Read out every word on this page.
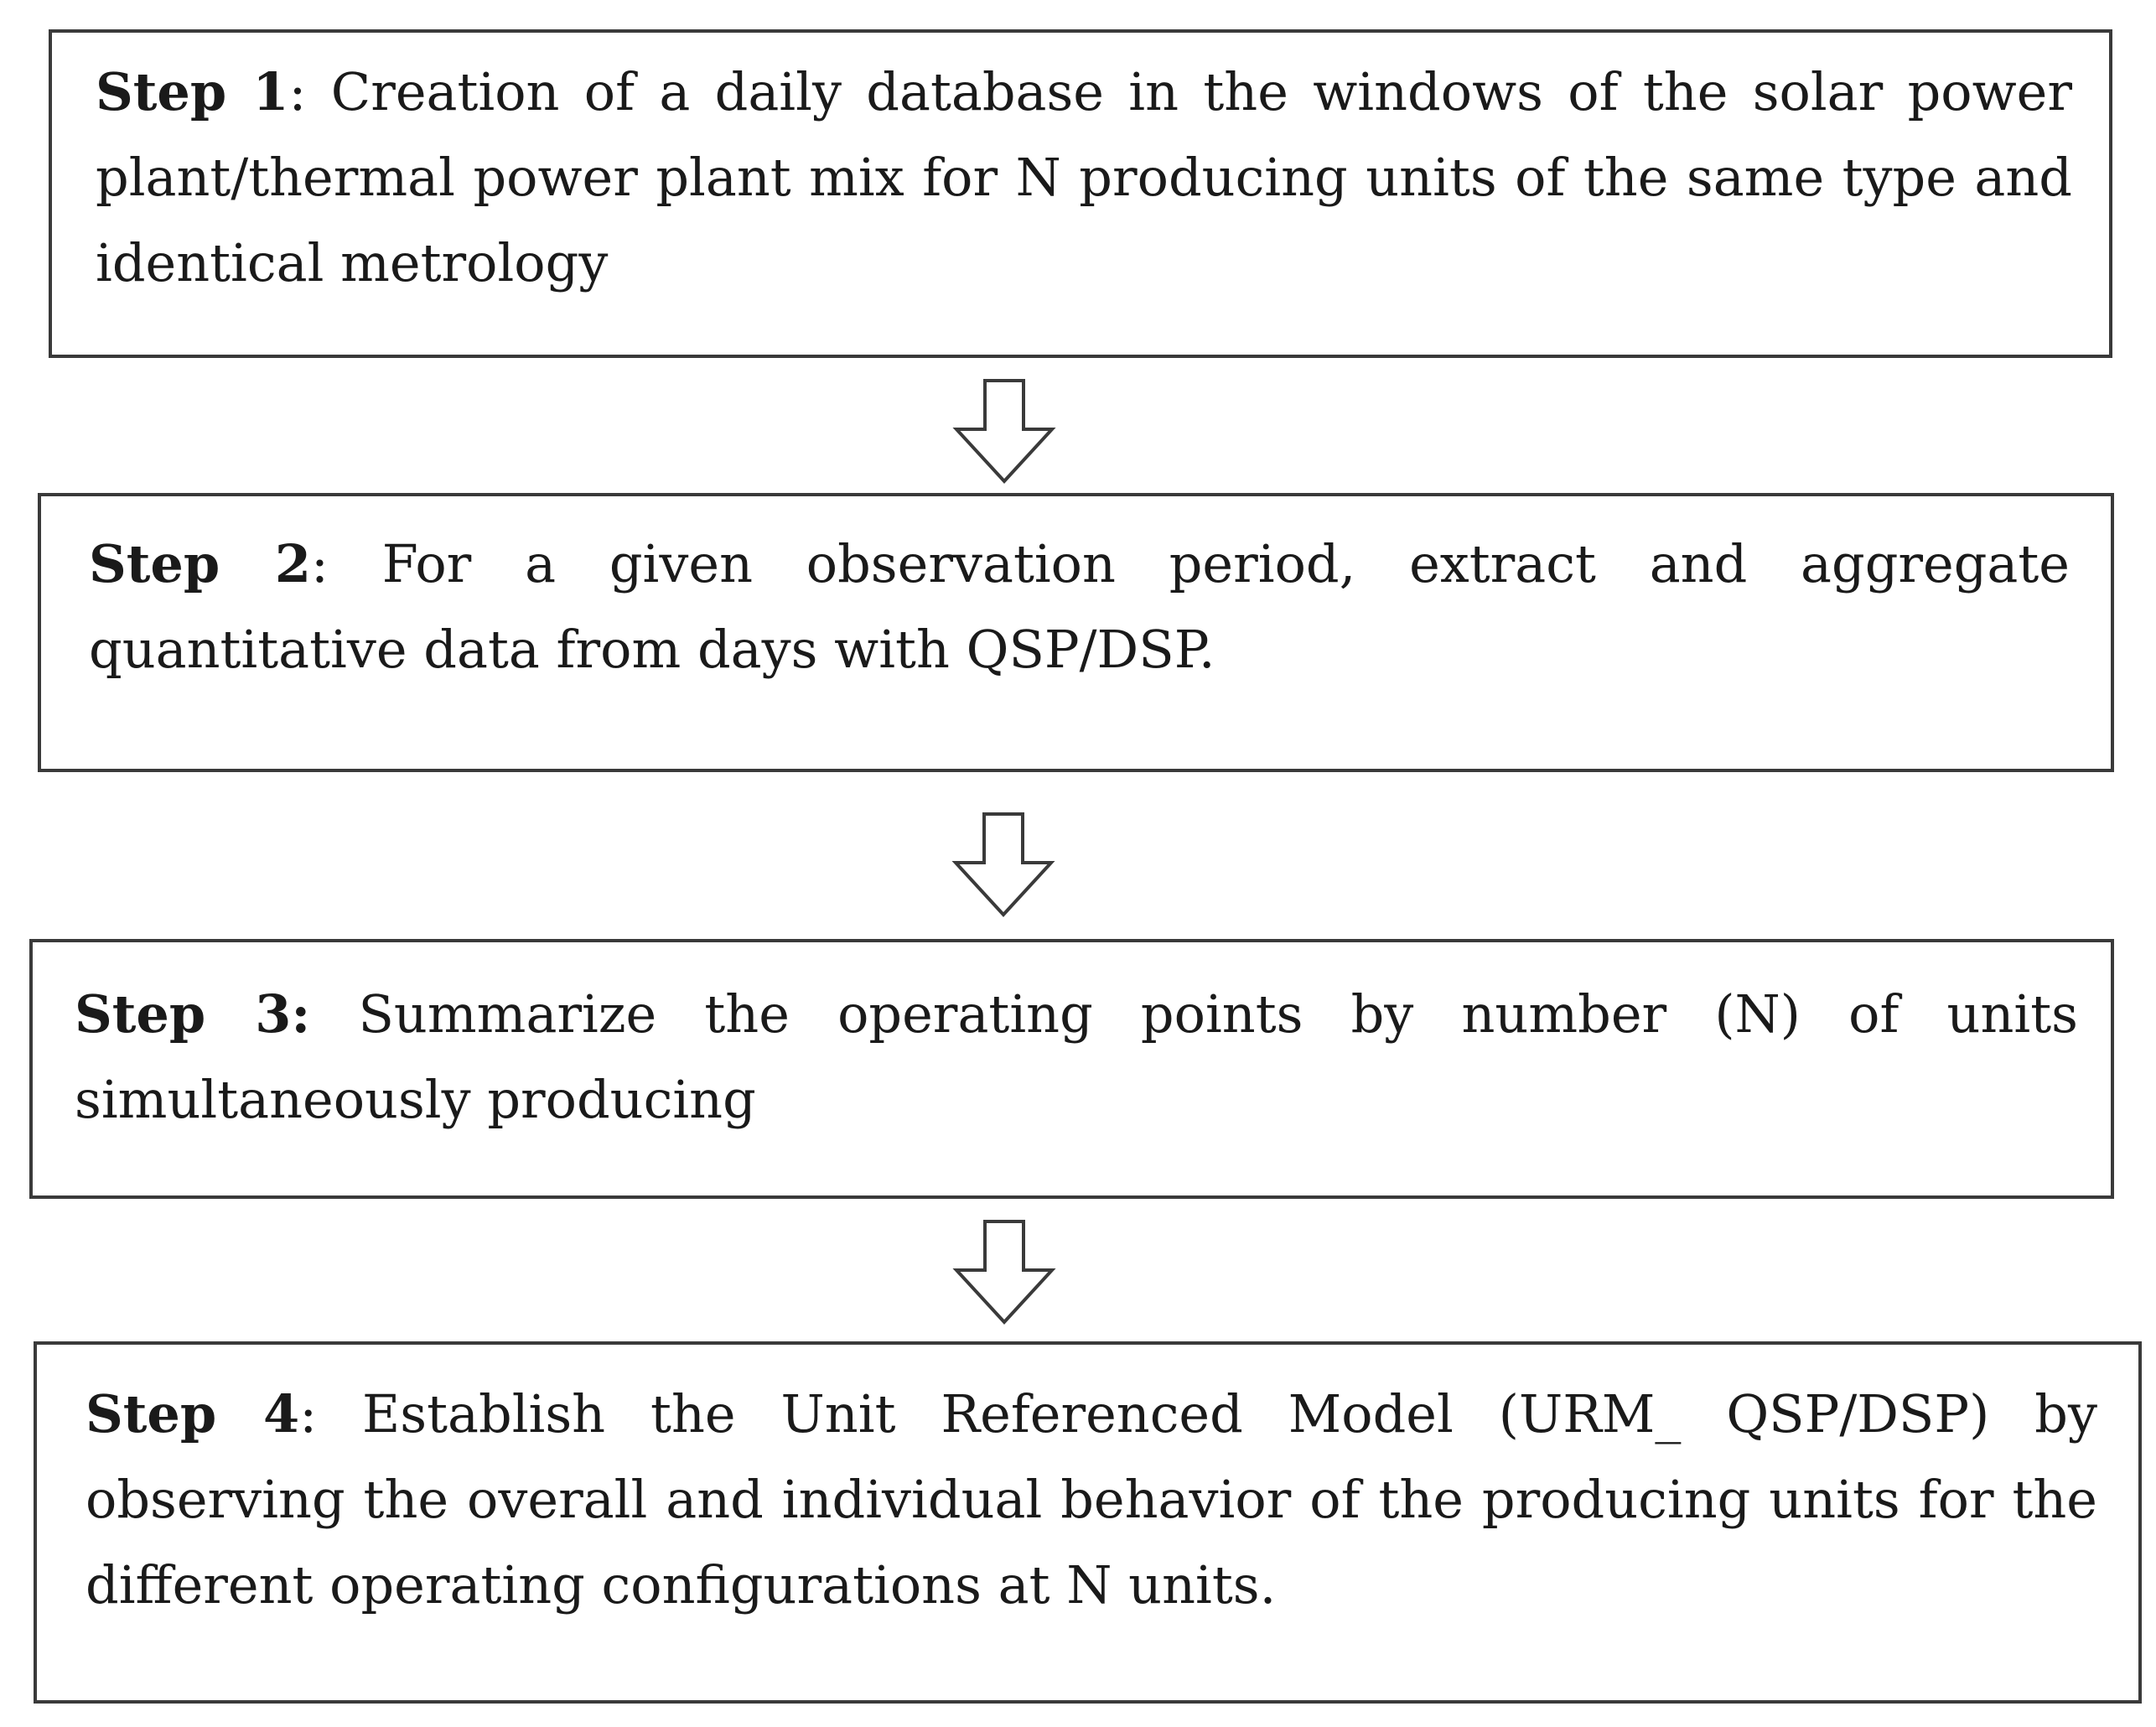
Step 1: Creation of a daily database in the windows of the solar power plant/thermal power plant mix for N producing units of the same type and identical metrology

Step 2: For a given observation period, extract and aggregate quantitative data from days with QSP/DSP.

Step 3: Summarize the operating points by number (N) of units simultaneously producing

Step 4: Establish the Unit Referenced Model (URM_ QSP/DSP) by observing the overall and individual behavior of the producing units for the different operating configurations at N units.
